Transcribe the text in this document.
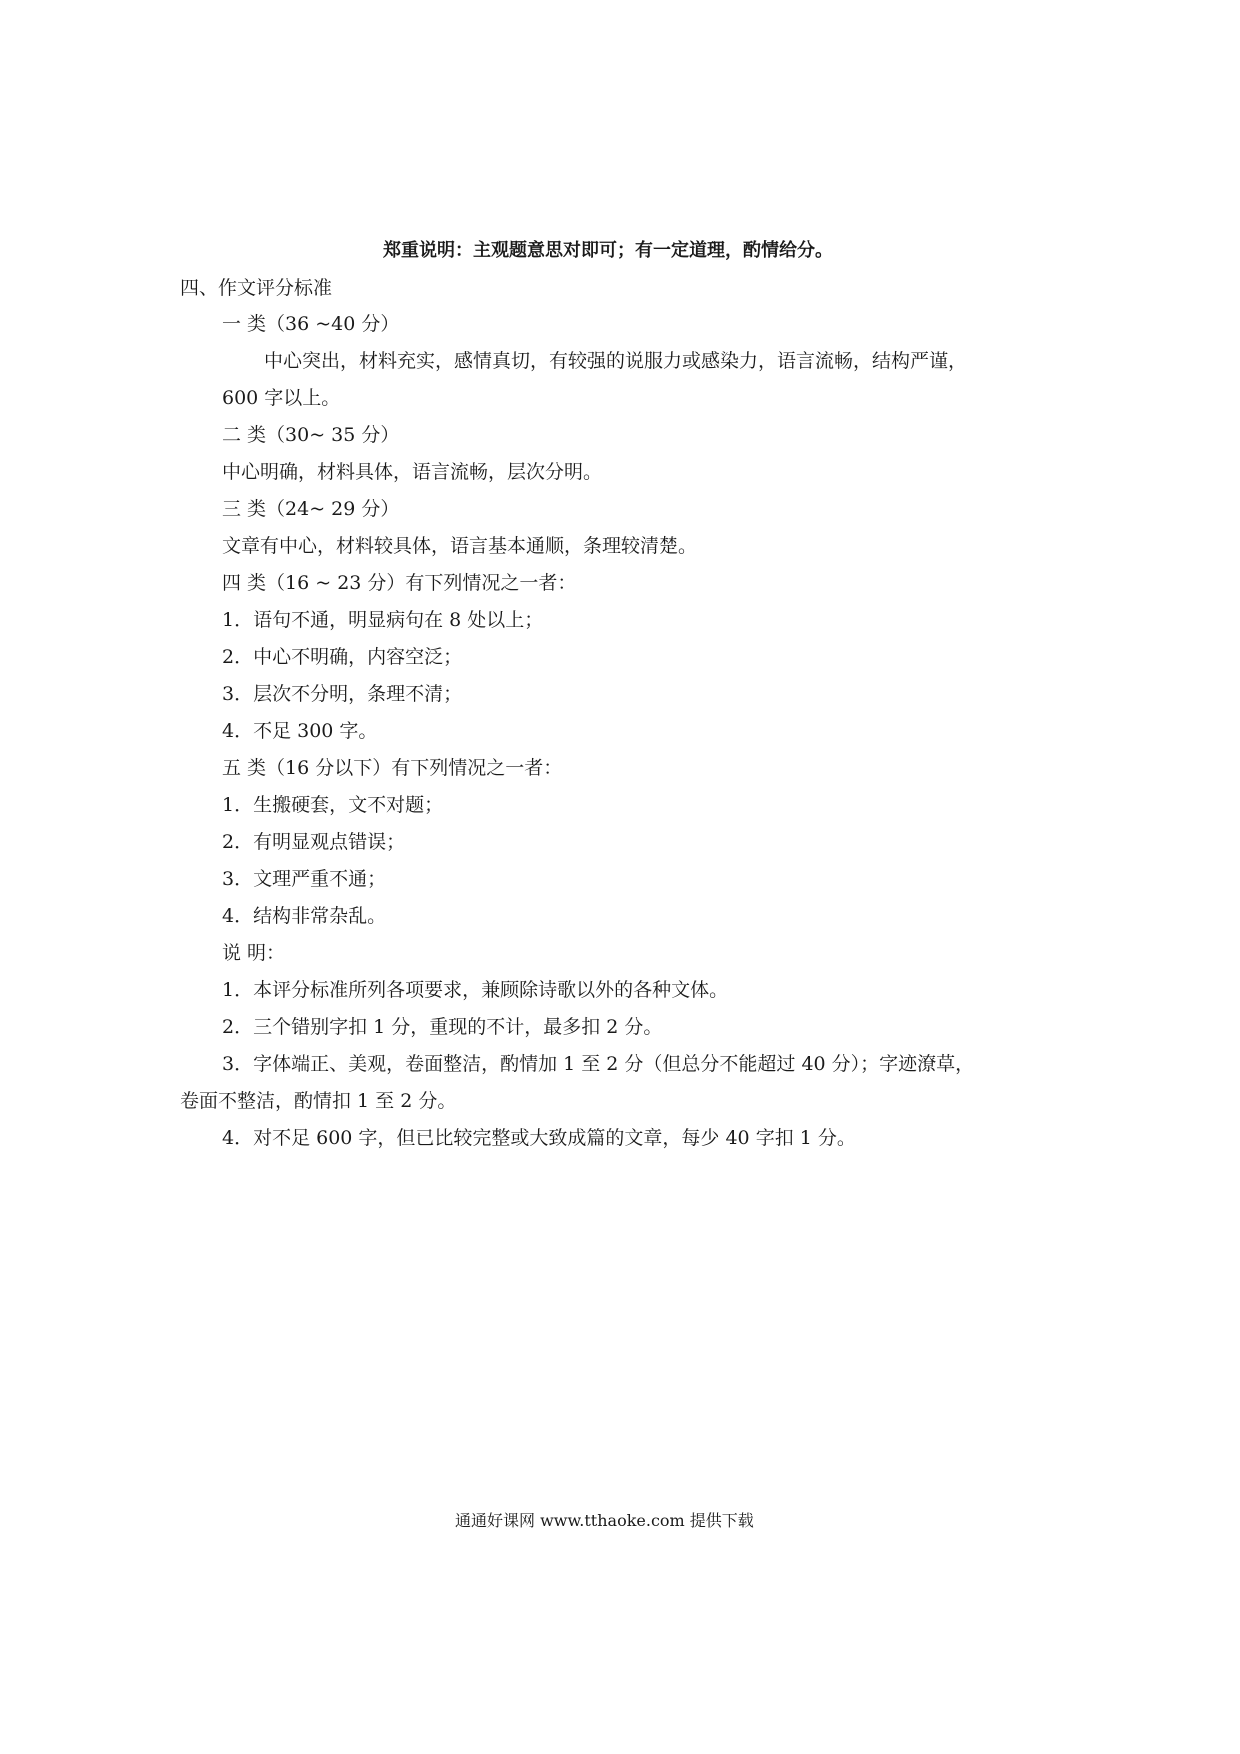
郑重说明：主观题意思对即可；有一定道理，酌情给分。
四、作文评分标准
一 类（36 ~40 分）
中心突出，材料充实，感情真切，有较强的说服力或感染力，语言流畅，结构严谨，
600 字以上。
二 类（30~ 35 分）
中心明确，材料具体，语言流畅，层次分明。
三 类（24~ 29 分）
文章有中心，材料较具体，语言基本通顺，条理较清楚。
四 类（16 ~ 23 分）有下列情况之一者：
1．语句不通，明显病句在 8 处以上；
2．中心不明确，内容空泛；
3．层次不分明，条理不清；
4．不足 300 字。
五 类（16 分以下）有下列情况之一者：
1．生搬硬套，文不对题；
2．有明显观点错误；
3．文理严重不通；
4．结构非常杂乱。
说 明：
1．本评分标准所列各项要求，兼顾除诗歌以外的各种文体。
2．三个错别字扣 1 分，重现的不计，最多扣 2 分。
3．字体端正、美观，卷面整洁，酌情加 1 至 2 分（但总分不能超过 40 分）；字迹潦草，
卷面不整洁，酌情扣 1 至 2 分。
4．对不足 600 字，但已比较完整或大致成篇的文章，每少 40 字扣 1 分。
通通好课网 www.tthaoke.com 提供下载
